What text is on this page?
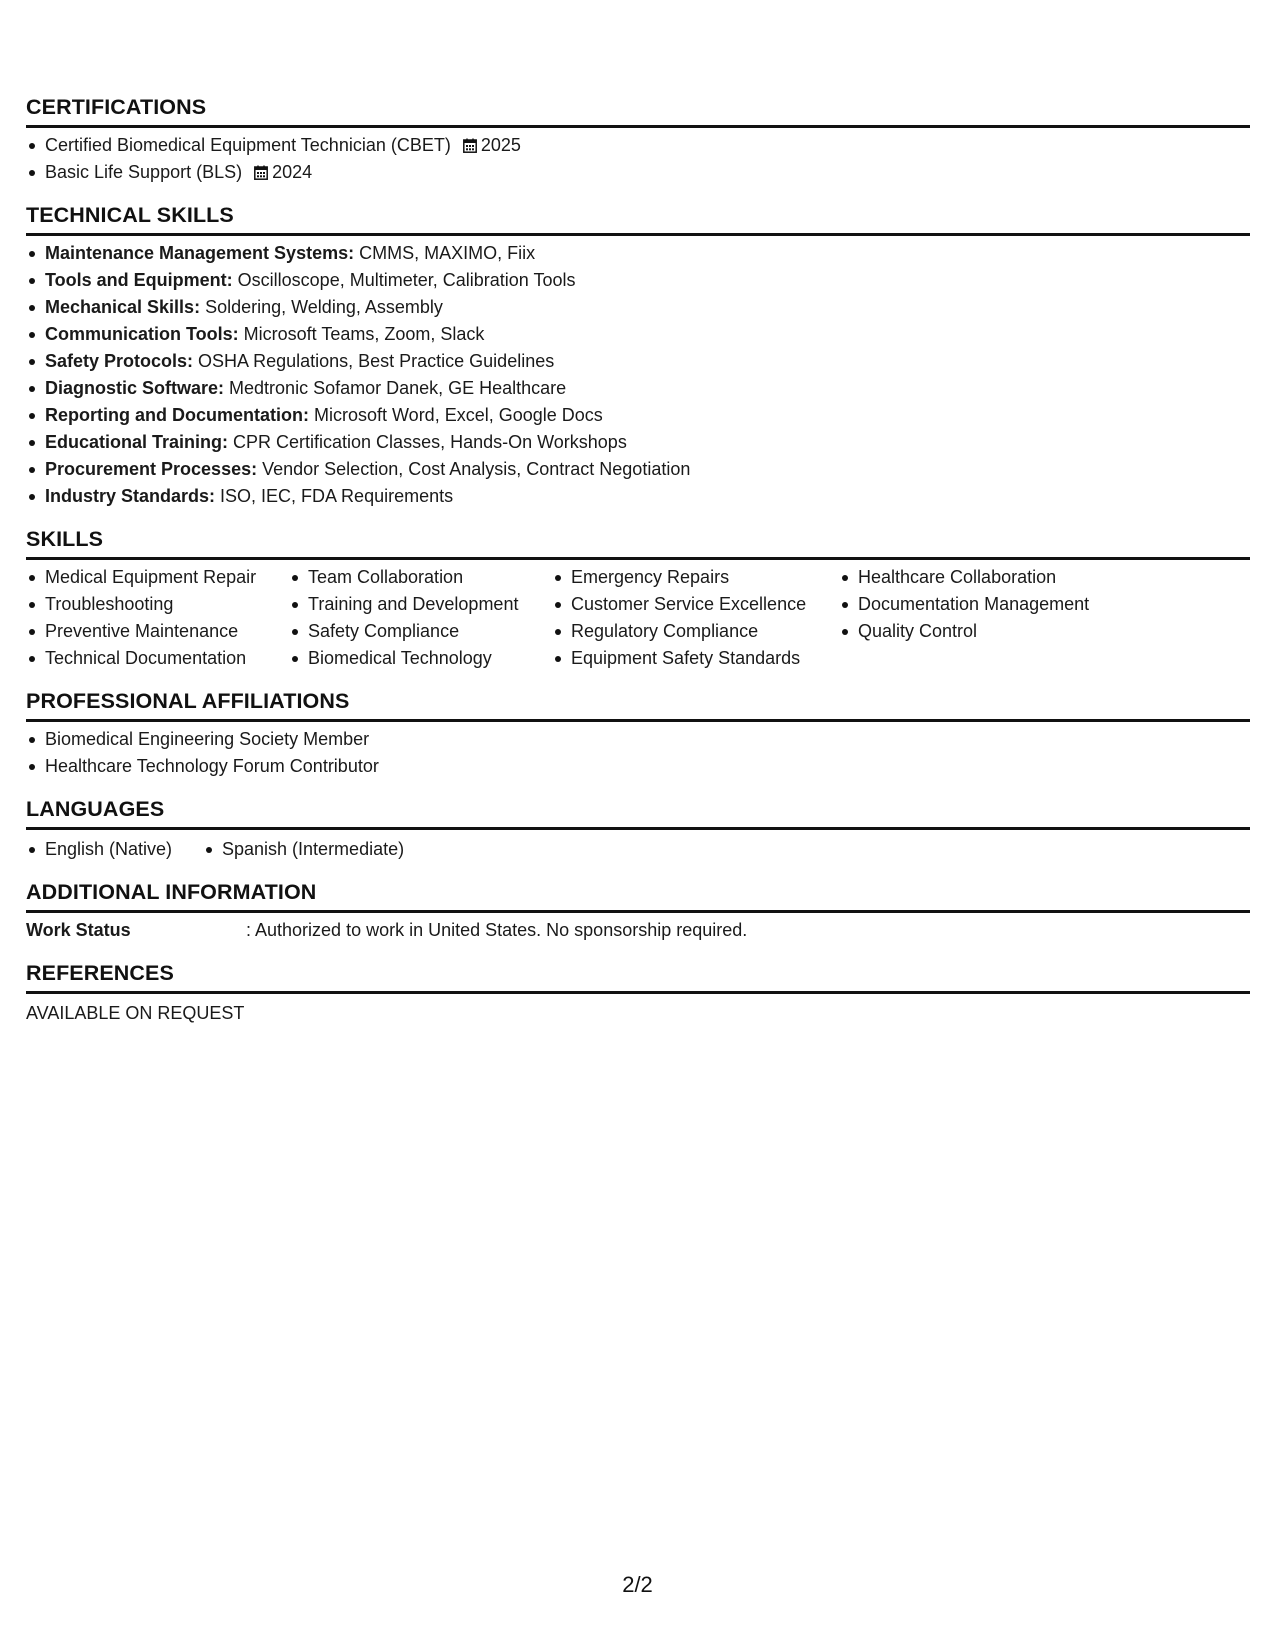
CERTIFICATIONS
Certified Biomedical Equipment Technician (CBET) 2025
Basic Life Support (BLS) 2024
TECHNICAL SKILLS
Maintenance Management Systems: CMMS, MAXIMO, Fiix
Tools and Equipment: Oscilloscope, Multimeter, Calibration Tools
Mechanical Skills: Soldering, Welding, Assembly
Communication Tools: Microsoft Teams, Zoom, Slack
Safety Protocols: OSHA Regulations, Best Practice Guidelines
Diagnostic Software: Medtronic Sofamor Danek, GE Healthcare
Reporting and Documentation: Microsoft Word, Excel, Google Docs
Educational Training: CPR Certification Classes, Hands-On Workshops
Procurement Processes: Vendor Selection, Cost Analysis, Contract Negotiation
Industry Standards: ISO, IEC, FDA Requirements
SKILLS
Medical Equipment Repair
Troubleshooting
Preventive Maintenance
Technical Documentation
Team Collaboration
Training and Development
Safety Compliance
Biomedical Technology
Emergency Repairs
Customer Service Excellence
Regulatory Compliance
Equipment Safety Standards
Healthcare Collaboration
Documentation Management
Quality Control
PROFESSIONAL AFFILIATIONS
Biomedical Engineering Society Member
Healthcare Technology Forum Contributor
LANGUAGES
English (Native)	Spanish (Intermediate)
ADDITIONAL INFORMATION
Work Status	: Authorized to work in United States. No sponsorship required.
REFERENCES
AVAILABLE ON REQUEST
2/2
